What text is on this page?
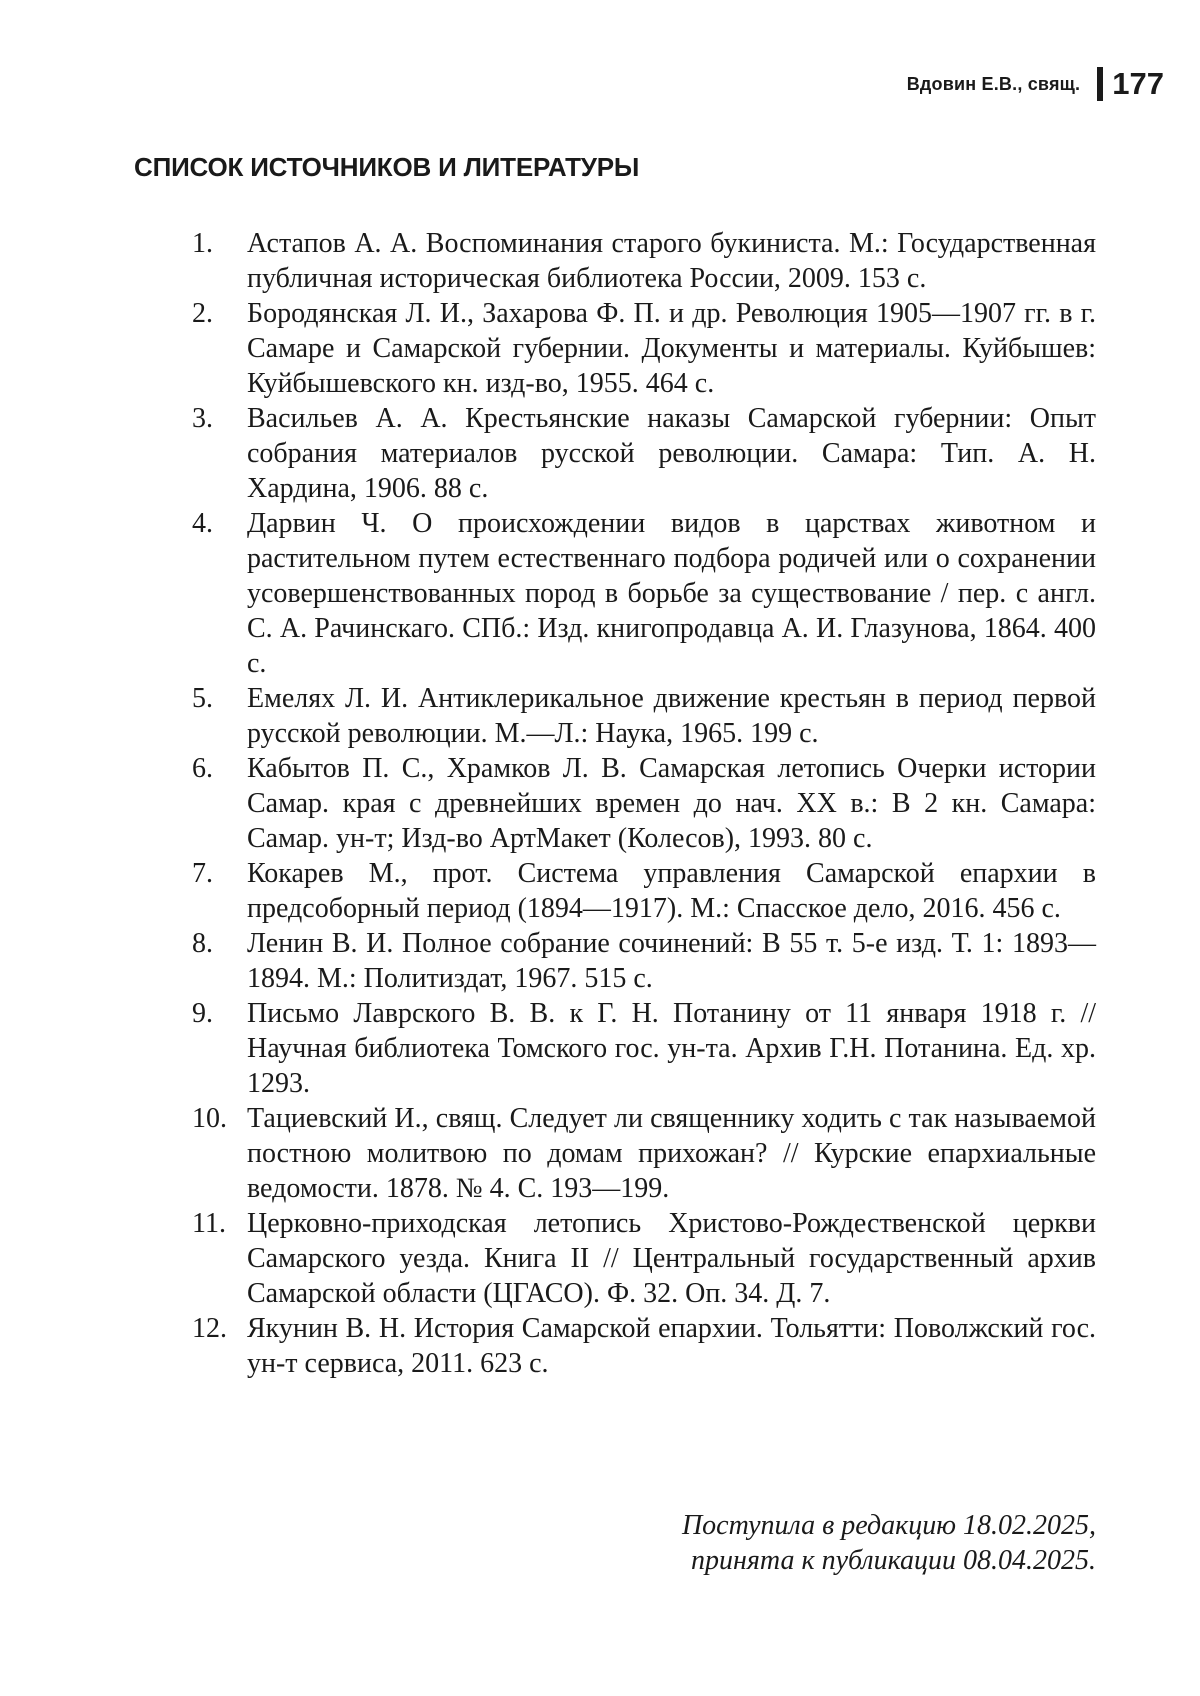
Вдовин Е.В., свящ. 177
СПИСОК ИСТОЧНИКОВ И ЛИТЕРАТУРЫ
1.	Астапов А. А. Воспоминания старого букиниста. М.: Государственная публичная историческая библиотека России, 2009. 153 с.
2.	Бородянская Л. И., Захарова Ф. П. и др. Революция 1905—1907 гг. в г. Самаре и Самарской губернии. Документы и материалы. Куйбышев: Куйбышевского кн. изд-во, 1955. 464 с.
3.	Васильев А. А. Крестьянские наказы Самарской губернии: Опыт собрания материалов русской революции. Самара: Тип. А. Н. Хардина, 1906. 88 с.
4.	Дарвин Ч. О происхождении видов в царствах животном и растительном путем естественнаго подбора родичей или о сохранении усовершенствованных пород в борьбе за существование / пер. с англ. С. А. Рачинскаго. СПб.: Изд. книгопродавца А. И. Глазунова, 1864. 400 с.
5.	Емелях Л. И. Антиклерикальное движение крестьян в период первой русской революции. М.—Л.: Наука, 1965. 199 с.
6.	Кабытов П. С., Храмков Л. В. Самарская летопись Очерки истории Самар. края с древнейших времен до нач. XX в.: В 2 кн. Самара: Самар. ун-т; Изд-во АртМакет (Колесов), 1993. 80 с.
7.	Кокарев М., прот. Система управления Самарской епархии в предсоборный период (1894—1917). М.: Спасское дело, 2016. 456 с.
8.	Ленин В. И. Полное собрание сочинений: В 55 т. 5-е изд. Т. 1: 1893—1894. М.: Политиздат, 1967. 515 с.
9.	Письмо Лаврского В. В. к Г. Н. Потанину от 11 января 1918 г. // Научная библиотека Томского гос. ун-та. Архив Г.Н. Потанина. Ед. хр. 1293.
10. Тациевский И., свящ. Следует ли священнику ходить с так называемой постною молитвою по домам прихожан? // Курские епархиальные ведомости. 1878. № 4. С. 193—199.
11. Церковно-приходская летопись Христово-Рождественской церкви Самарского уезда. Книга II // Центральный государственный архив Самарской области (ЦГАСО). Ф. 32. Оп. 34. Д. 7.
12. Якунин В. Н. История Самарской епархии. Тольятти: Поволжский гос. ун-т сервиса, 2011. 623 с.

Поступила в редакцию 18.02.2025,
принята к публикации 08.04.2025.
